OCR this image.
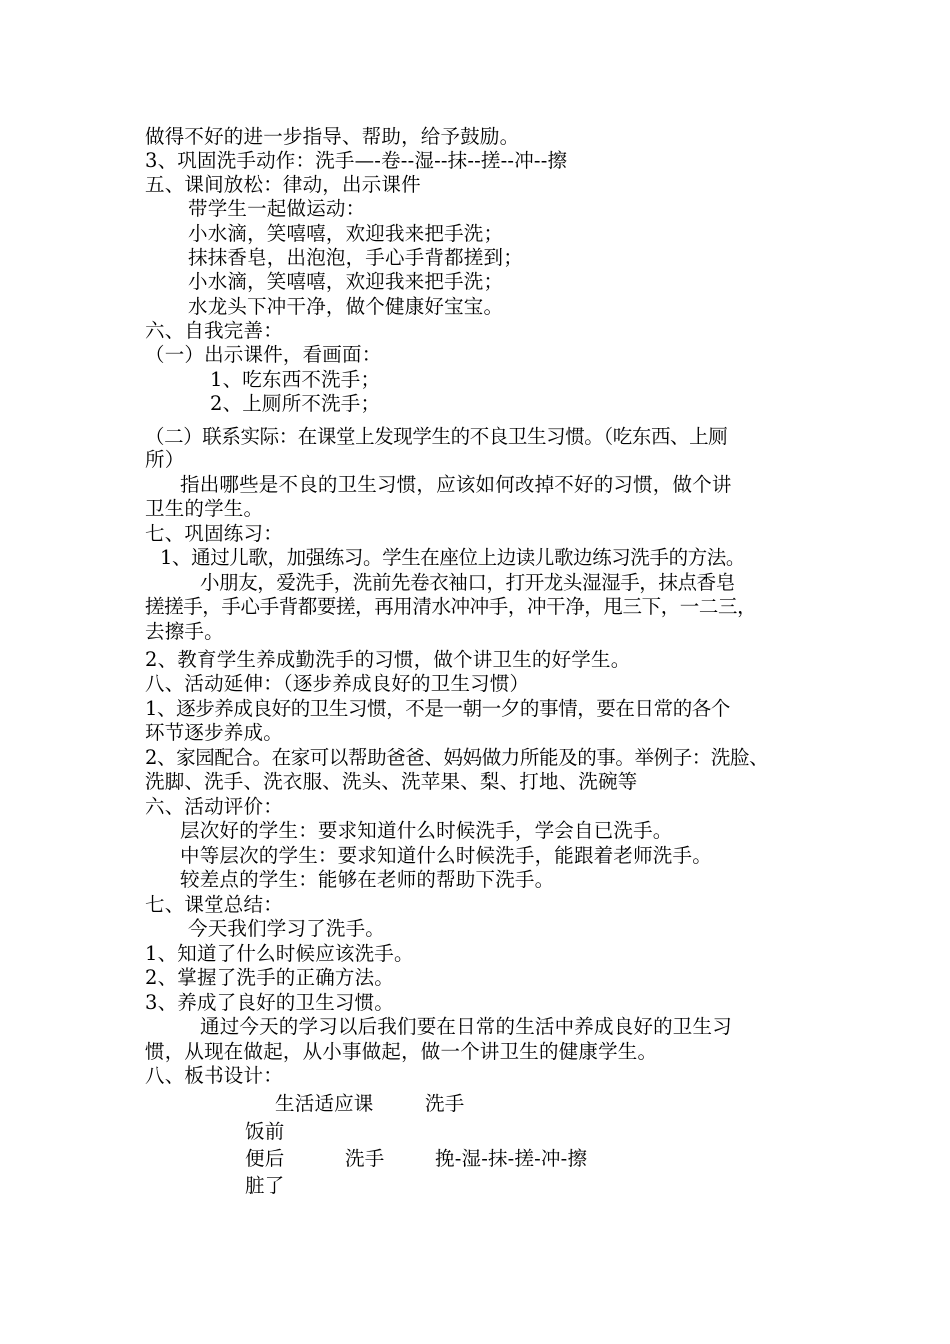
做得不好的进一步指导、帮助，给予鼓励。
3、巩固洗手动作：洗手—-卷--湿--抹--搓--冲--擦
五、课间放松：律动，出示课件
带学生一起做运动：
小水滴，笑嘻嘻，欢迎我来把手洗；
抹抹香皂，出泡泡，手心手背都搓到；
小水滴，笑嘻嘻，欢迎我来把手洗；
水龙头下冲干净，做个健康好宝宝。
六、自我完善：
（一）出示课件，看画面：
1、吃东西不洗手；
2、上厕所不洗手；
（二）联系实际：在课堂上发现学生的不良卫生习惯。（吃东西、上厕
所）
指出哪些是不良的卫生习惯，应该如何改掉不好的习惯，做个讲
卫生的学生。
七、巩固练习：
1、通过儿歌，加强练习。学生在座位上边读儿歌边练习洗手的方法。
小朋友，爱洗手，洗前先卷衣袖口，打开龙头湿湿手，抹点香皂
搓搓手，手心手背都要搓，再用清水冲冲手，冲干净，甩三下，一二三，
去擦手。
2、教育学生养成勤洗手的习惯，做个讲卫生的好学生。
八、活动延伸：（逐步养成良好的卫生习惯）
1、逐步养成良好的卫生习惯，不是一朝一夕的事情，要在日常的各个
环节逐步养成。
2、家园配合。在家可以帮助爸爸、妈妈做力所能及的事。举例子：洗脸、
洗脚、洗手、洗衣服、洗头、洗苹果、梨、打地、洗碗等
六、活动评价：
层次好的学生：要求知道什么时候洗手，学会自已洗手。
中等层次的学生：要求知道什么时候洗手，能跟着老师洗手。
较差点的学生：能够在老师的帮助下洗手。
七、课堂总结：
今天我们学习了洗手。
1、知道了什么时候应该洗手。
2、掌握了洗手的正确方法。
3、养成了良好的卫生习惯。
通过今天的学习以后我们要在日常的生活中养成良好的卫生习
惯，从现在做起，从小事做起，做一个讲卫生的健康学生。
八、板书设计：
生活适应课	洗手
饭前
便后	洗手	挽-湿-抹-搓-冲-擦
脏了
